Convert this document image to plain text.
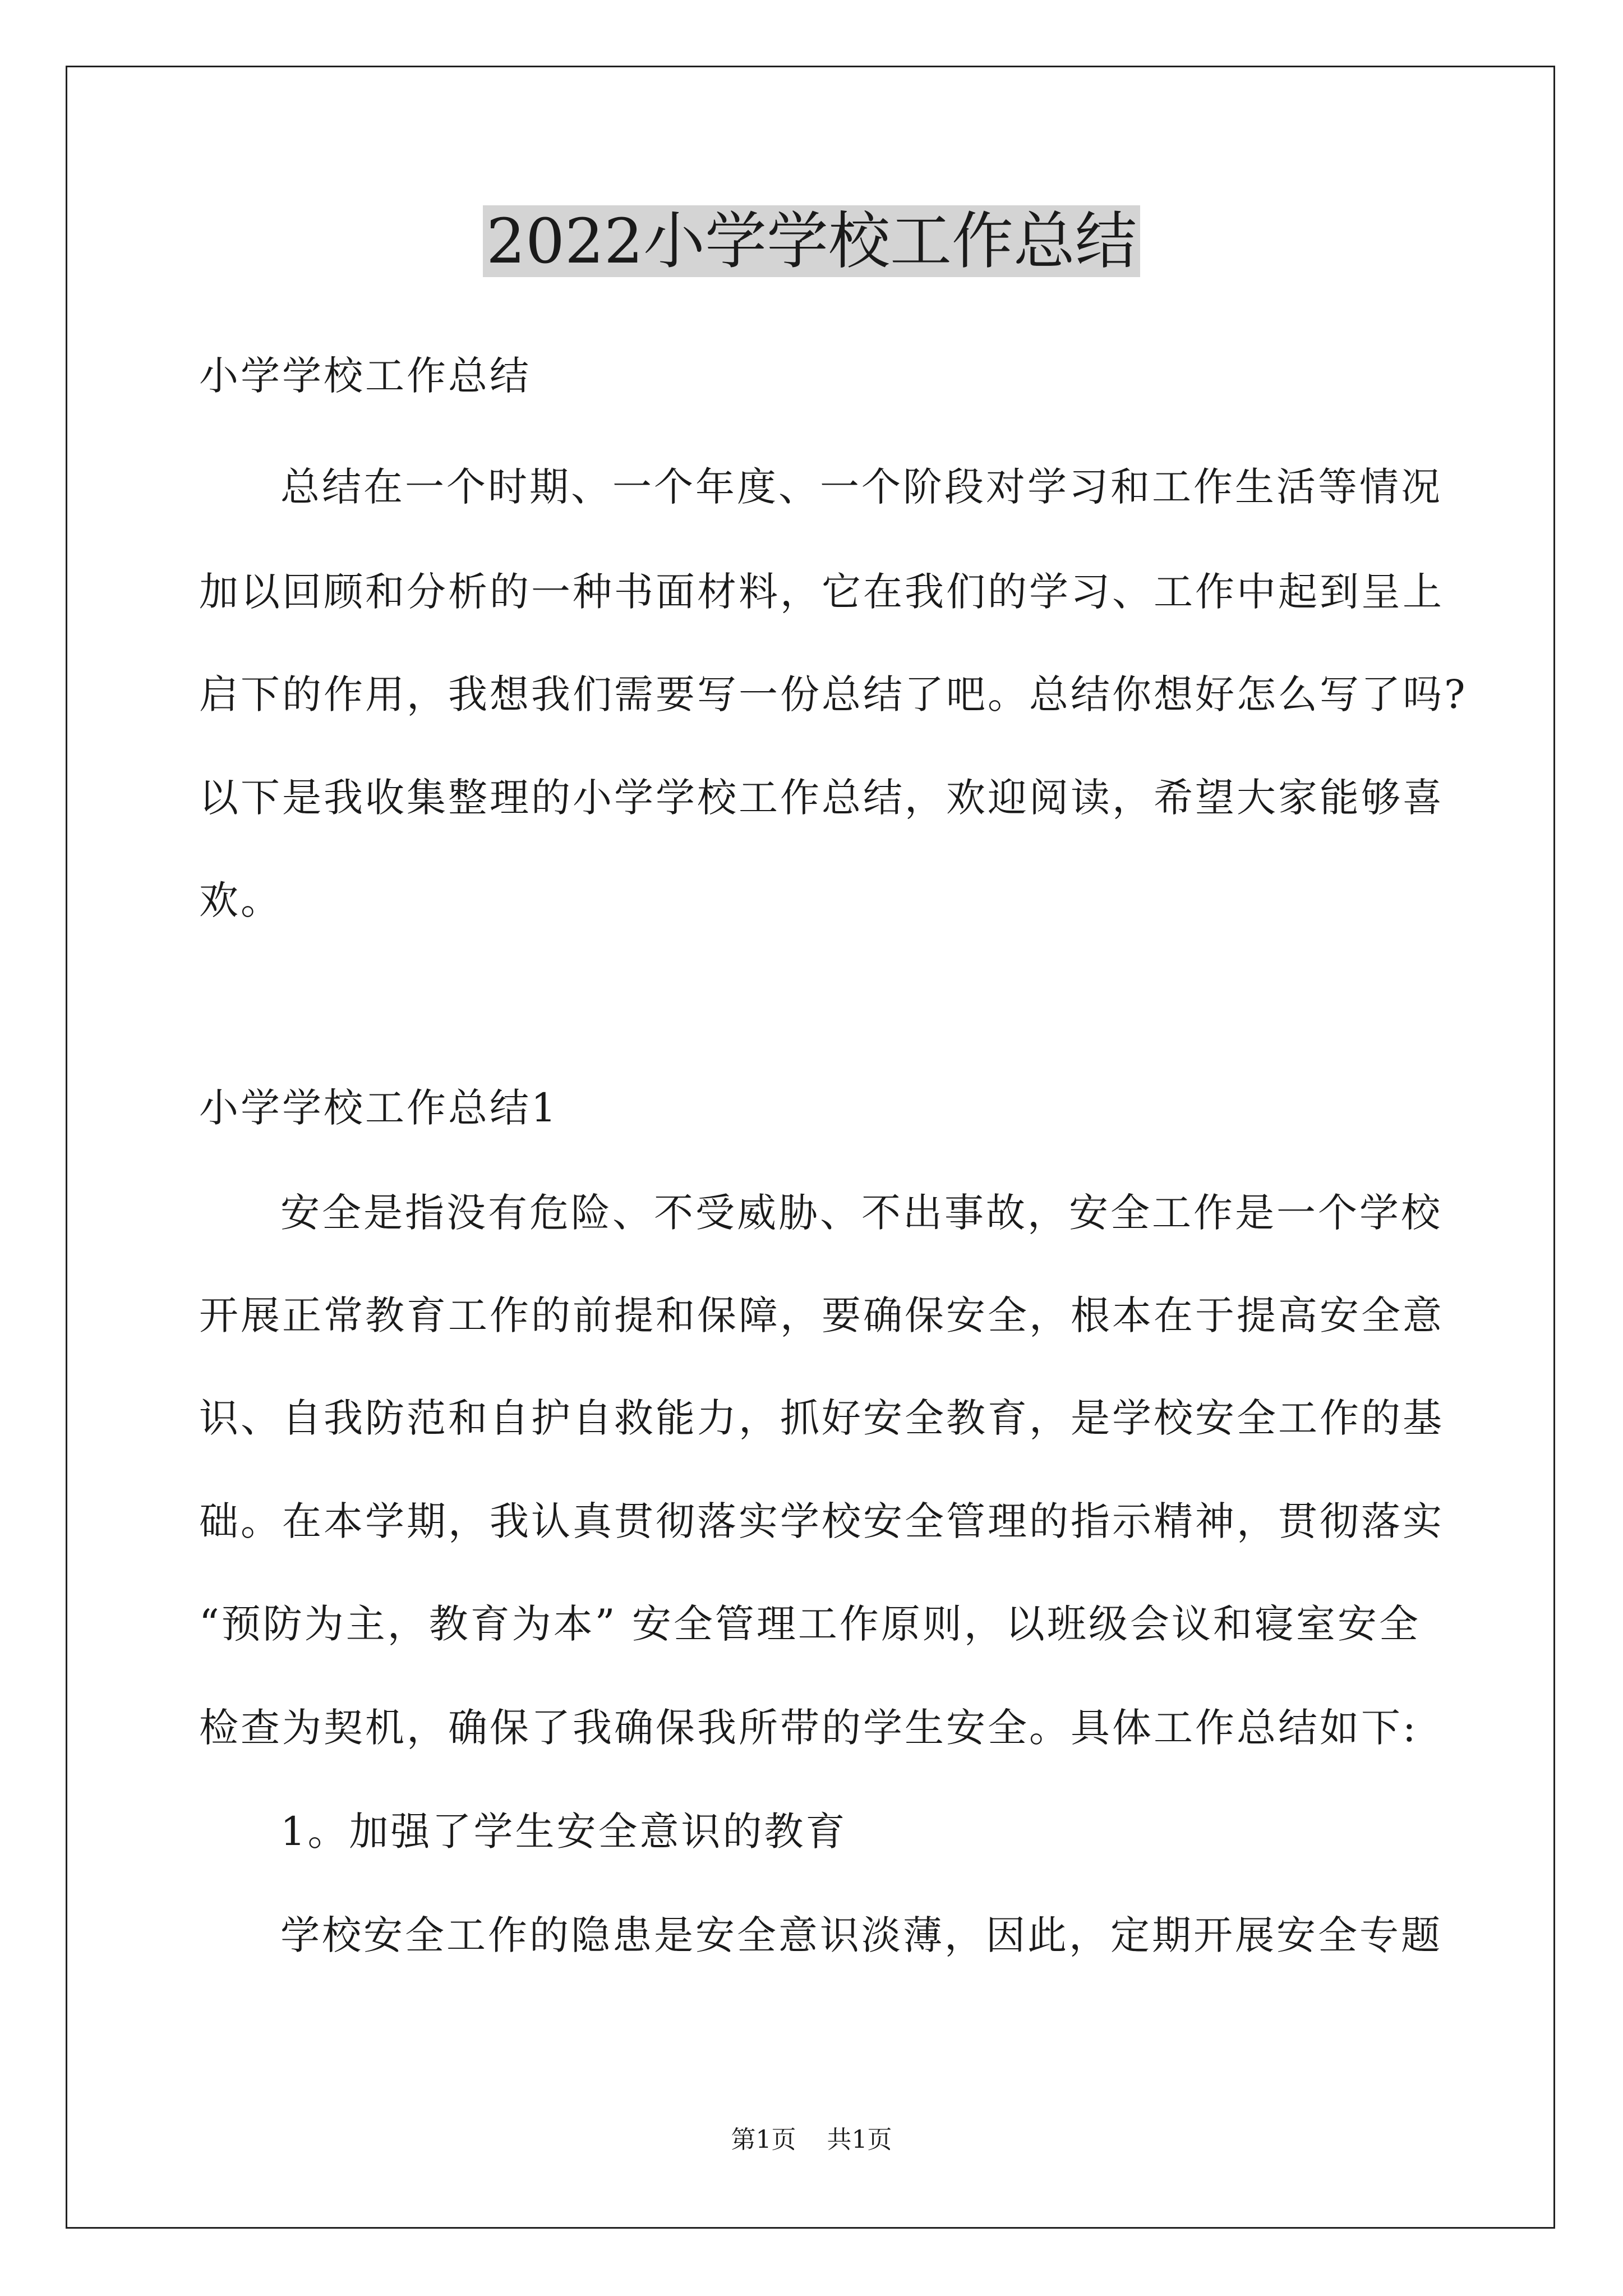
2022小学学校工作总结
小学学校工作总结
总结在一个时期、一个年度、一个阶段对学习和工作生活等情况
加以回顾和分析的一种书面材料，它在我们的学习、工作中起到呈上
启下的作用，我想我们需要写一份总结了吧。总结你想好怎么写了吗?
以下是我收集整理的小学学校工作总结，欢迎阅读，希望大家能够喜
欢。
小学学校工作总结1
安全是指没有危险、不受威胁、不出事故，安全工作是一个学校
开展正常教育工作的前提和保障，要确保安全，根本在于提高安全意
识、自我防范和自护自救能力，抓好安全教育，是学校安全工作的基
础。在本学期，我认真贯彻落实学校安全管理的指示精神，贯彻落实
“预防为主，教育为本” 安全管理工作原则，以班级会议和寝室安全
检查为契机，确保了我确保我所带的学生安全。具体工作总结如下:
1。加强了学生安全意识的教育
学校安全工作的隐患是安全意识淡薄，因此，定期开展安全专题
第1页 共1页
